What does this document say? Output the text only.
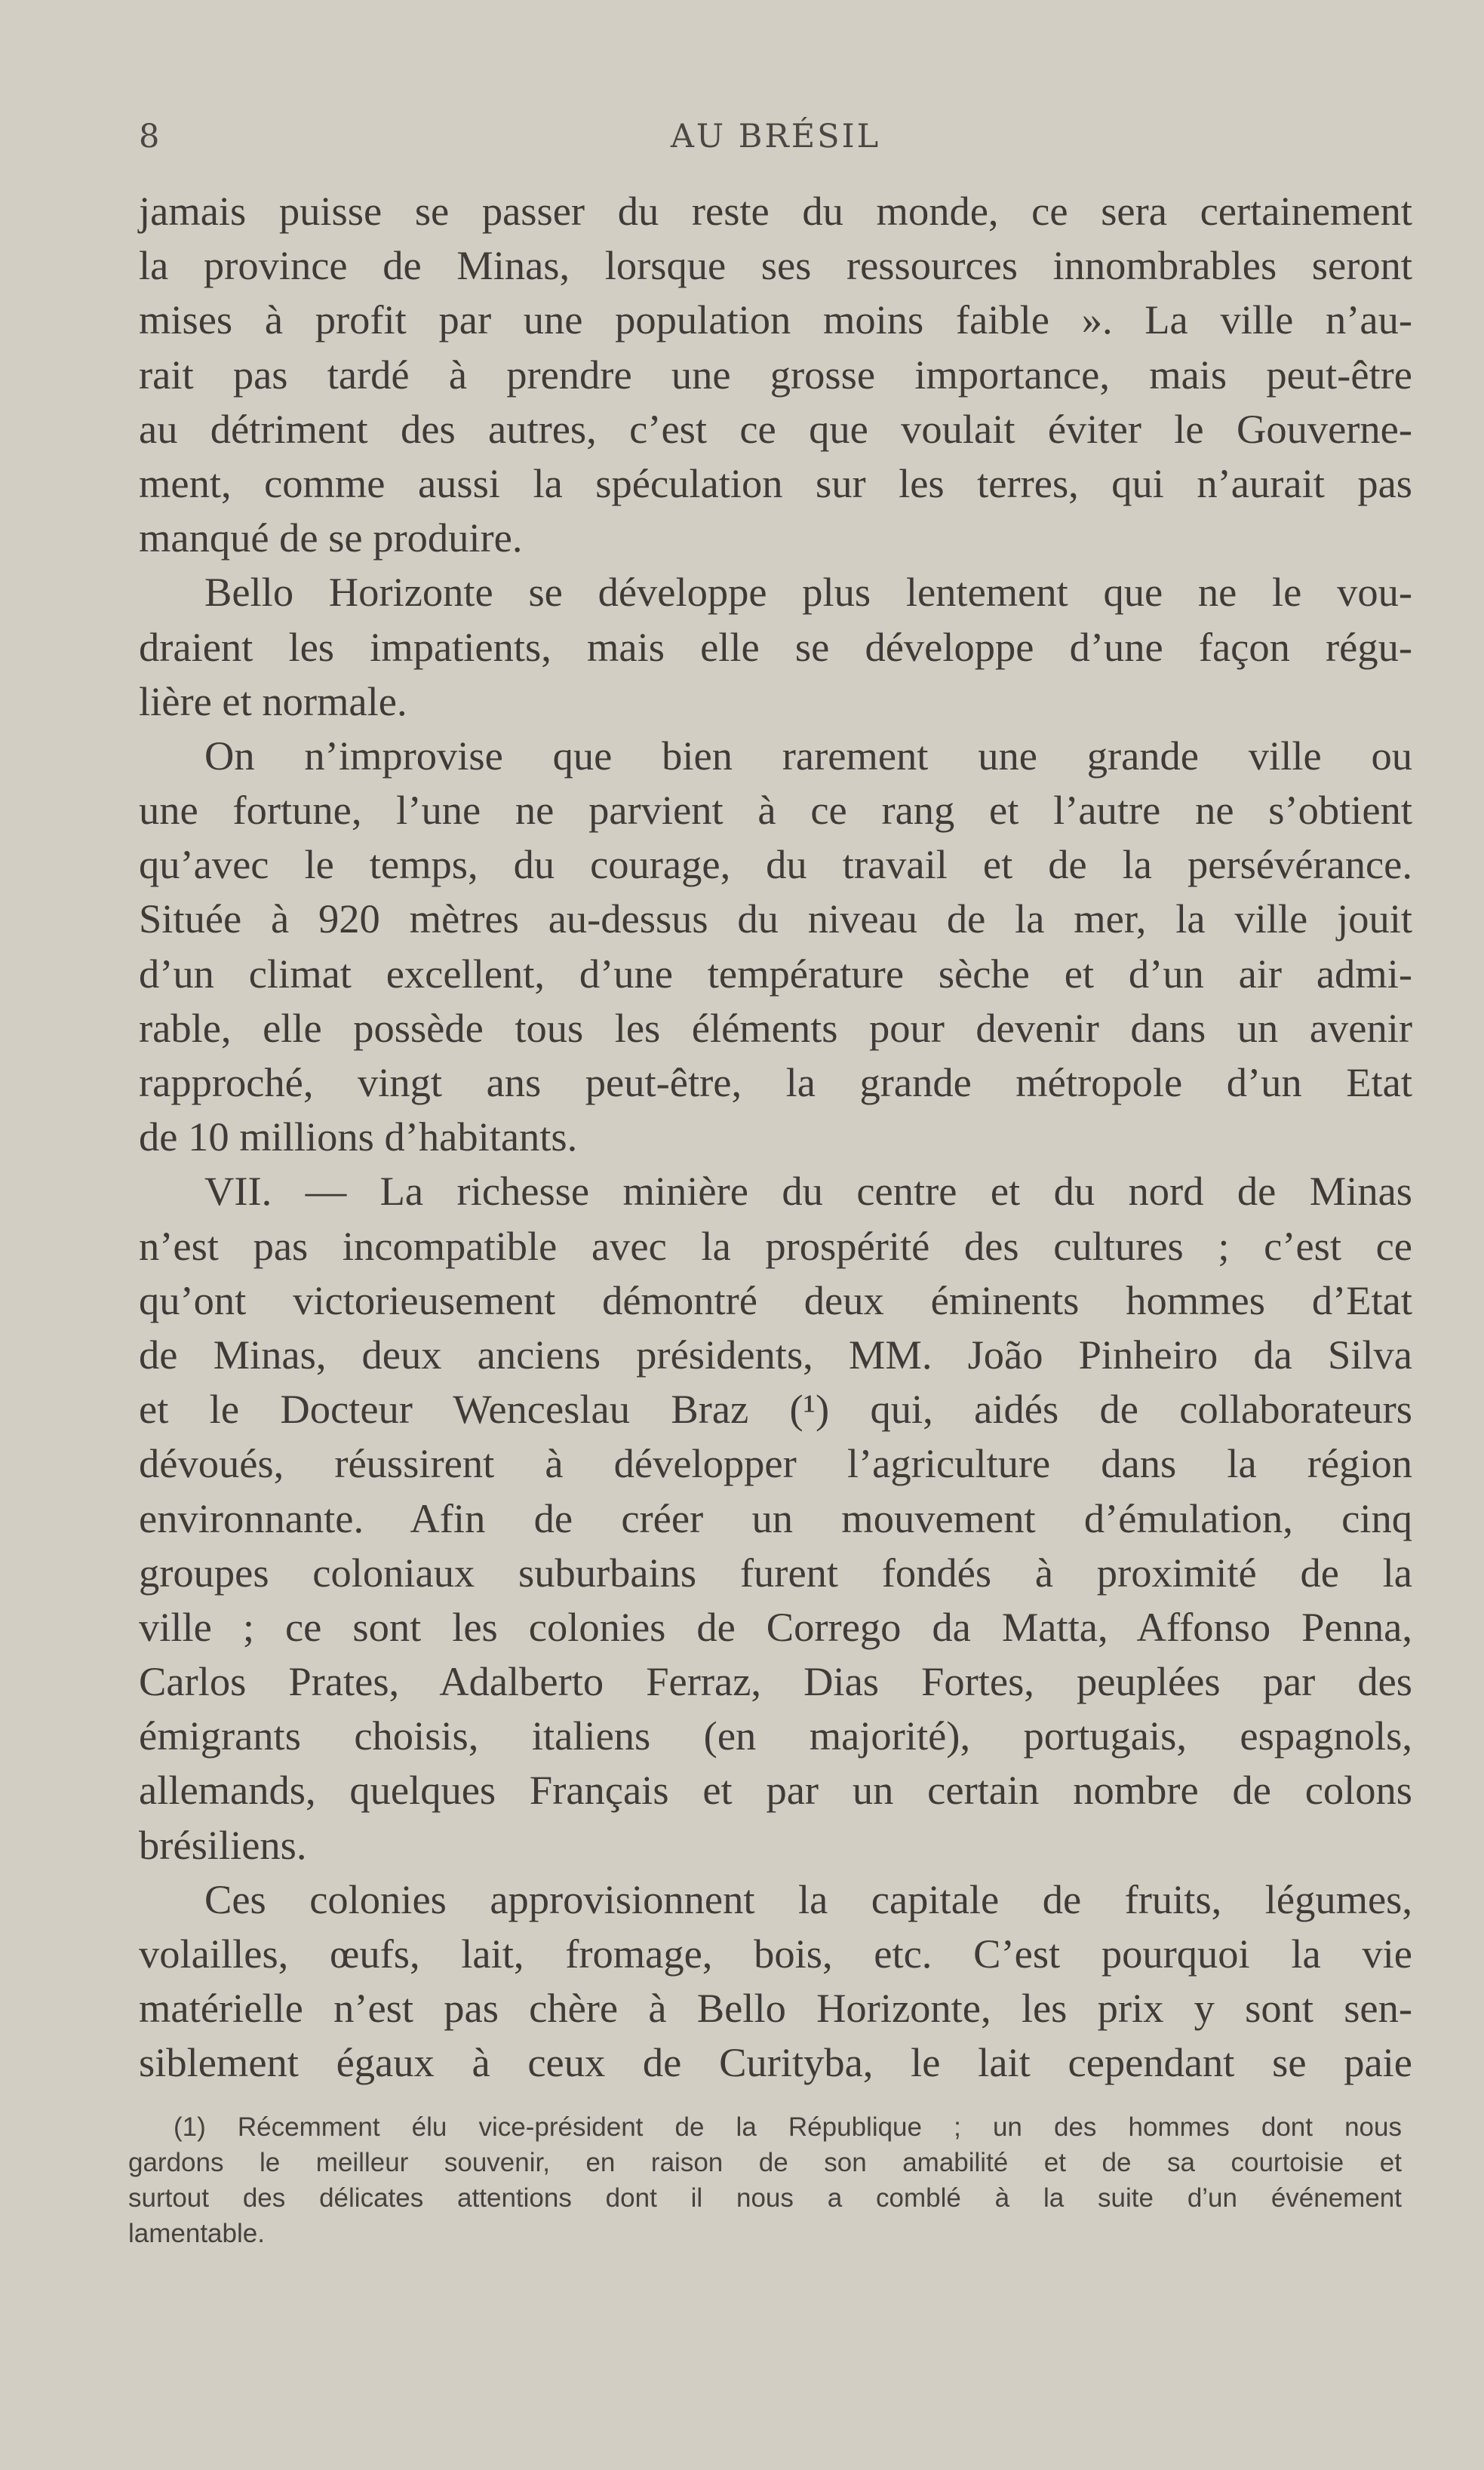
8	AU BRÉSIL
jamais puisse se passer du reste du monde, ce sera certainement
la province de Minas, lorsque ses ressources innombrables seront
mises à profit par une population moins faible ». La ville n’au-
rait pas tardé à prendre une grosse importance, mais peut-être
au détriment des autres, c’est ce que voulait éviter le Gouverne-
ment, comme aussi la spéculation sur les terres, qui n’aurait pas
manqué de se produire.
Bello Horizonte se développe plus lentement que ne le vou-
draient les impatients, mais elle se développe d’une façon régu-
lière et normale.
On n’improvise que bien rarement une grande ville ou
une fortune, l’une ne parvient à ce rang et l’autre ne s’obtient
qu’avec le temps, du courage, du travail et de la persévérance.
Située à 920 mètres au-dessus du niveau de la mer, la ville jouit
d’un climat excellent, d’une température sèche et d’un air admi-
rable, elle possède tous les éléments pour devenir dans un avenir
rapproché, vingt ans peut-être, la grande métropole d’un Etat
de 10 millions d’habitants.
VII. — La richesse minière du centre et du nord de Minas
n’est pas incompatible avec la prospérité des cultures ; c’est ce
qu’ont victorieusement démontré deux éminents hommes d’Etat
de Minas, deux anciens présidents, MM. João Pinheiro da Silva
et le Docteur Wenceslau Braz (¹) qui, aidés de collaborateurs
dévoués, réussirent à développer l’agriculture dans la région
environnante. Afin de créer un mouvement d’émulation, cinq
groupes coloniaux suburbains furent fondés à proximité de la
ville ; ce sont les colonies de Corrego da Matta, Affonso Penna,
Carlos Prates, Adalberto Ferraz, Dias Fortes, peuplées par des
émigrants choisis, italiens (en majorité), portugais, espagnols,
allemands, quelques Français et par un certain nombre de colons
brésiliens.
Ces colonies approvisionnent la capitale de fruits, légumes,
volailles, œufs, lait, fromage, bois, etc. C’est pourquoi la vie
matérielle n’est pas chère à Bello Horizonte, les prix y sont sen-
siblement égaux à ceux de Curityba, le lait cependant se paie
(1) Récemment élu vice-président de la République ; un des hommes dont nous
gardons le meilleur souvenir, en raison de son amabilité et de sa courtoisie et
surtout des délicates attentions dont il nous a comblé à la suite d’un événement
lamentable.
